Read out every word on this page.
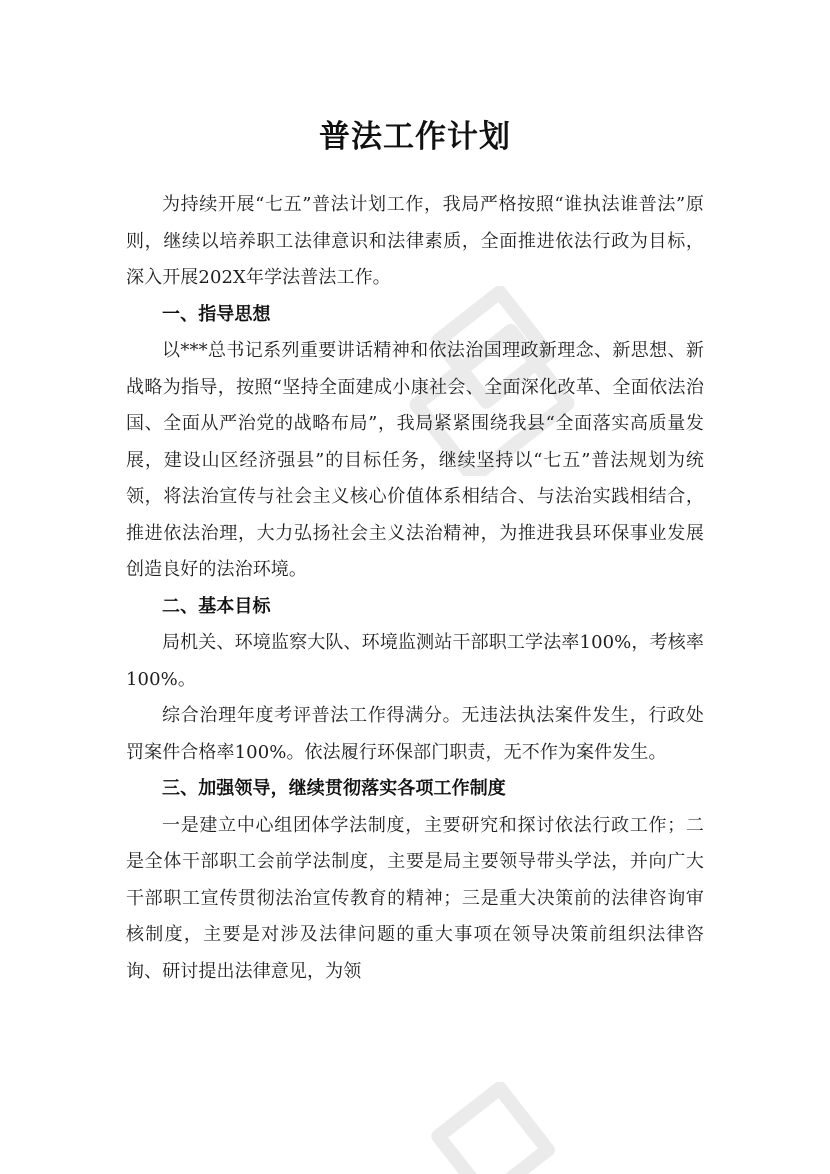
普法工作计划

为持续开展“七五”普法计划工作，我局严格按照“谁执法谁普法”原则，继续以培养职工法律意识和法律素质，全面推进依法行政为目标，深入开展202X年学法普法工作。

一、指导思想

以***总书记系列重要讲话精神和依法治国理政新理念、新思想、新战略为指导，按照“坚持全面建成小康社会、全面深化改革、全面依法治国、全面从严治党的战略布局”，我局紧紧围绕我县“全面落实高质量发展，建设山区经济强县”的目标任务，继续坚持以“七五”普法规划为统领，将法治宣传与社会主义核心价值体系相结合、与法治实践相结合，推进依法治理，大力弘扬社会主义法治精神，为推进我县环保事业发展创造良好的法治环境。

二、基本目标

局机关、环境监察大队、环境监测站干部职工学法率100%，考核率100%。

综合治理年度考评普法工作得满分。无违法执法案件发生，行政处罚案件合格率100%。依法履行环保部门职责，无不作为案件发生。

三、加强领导，继续贯彻落实各项工作制度

一是建立中心组团体学法制度，主要研究和探讨依法行政工作；二是全体干部职工会前学法制度，主要是局主要领导带头学法，并向广大干部职工宣传贯彻法治宣传教育的精神；三是重大决策前的法律咨询审核制度，主要是对涉及法律问题的重大事项在领导决策前组织法律咨询、研讨提出法律意见，为领
